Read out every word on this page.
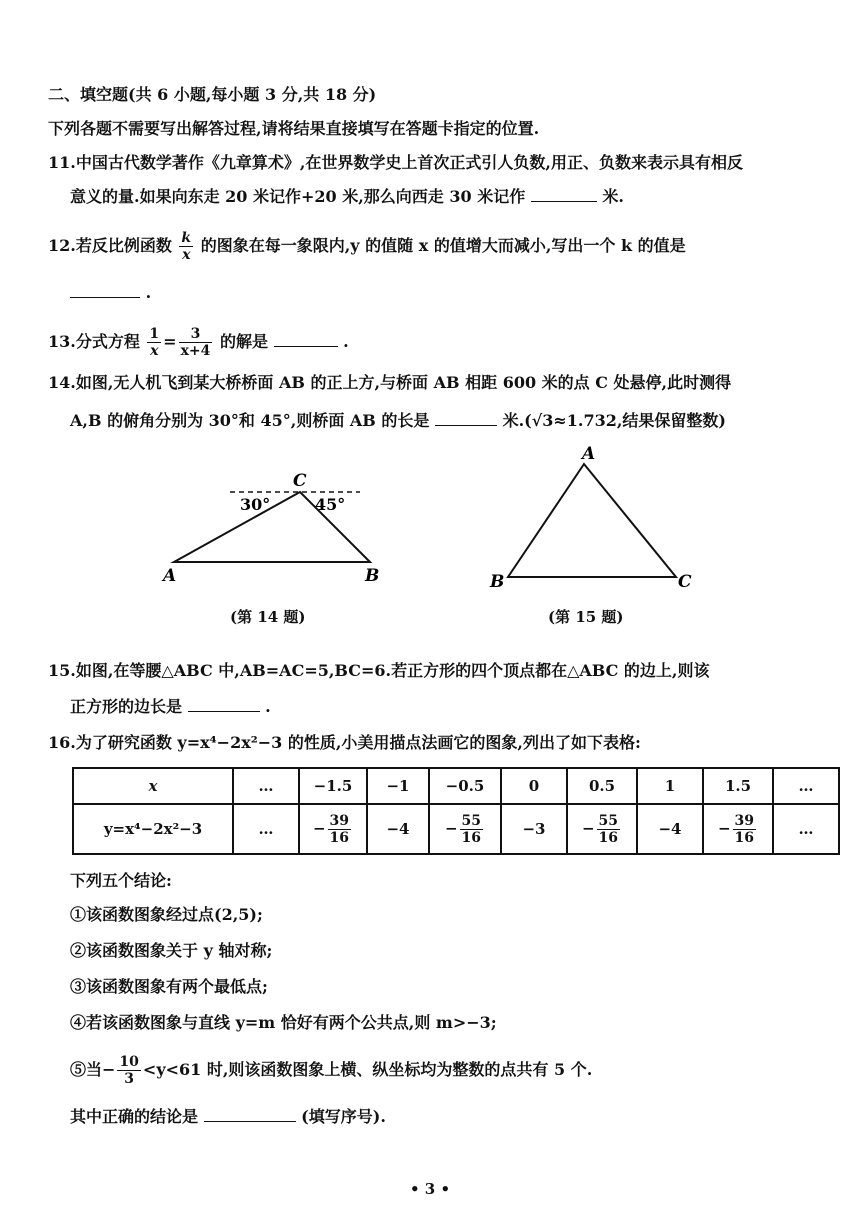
二、填空题(共 6 小题,每小题 3 分,共 18 分)
下列各题不需要写出解答过程,请将结果直接填写在答题卡指定的位置.
11.中国古代数学著作《九章算术》,在世界数学史上首次正式引人负数,用正、负数来表示具有相反
意义的量.如果向东走 20 米记作+20 米,那么向西走 30 米记作	米.
12.若反比例函数 $\frac{k}{x}$ 的图象在每一象限内,y 的值随 x 的值增大而减小,写出一个 k 的值是
.
13.分式方程 $\frac{1}{x} = \frac{3}{x+4}$ 的解是	.
14.如图,无人机飞到某大桥桥面 AB 的正上方,与桥面 AB 相距 600 米的点 C 处悬停,此时测得
A,B 的俯角分别为 30°和 45°,则桥面 AB 的长是	米.(√3≈1.732,结果保留整数)
A	B
C
30°	45°
(第 14 题)
A
B	C
(第 15 题)
15.如图,在等腰△ABC 中,AB=AC=5,BC=6.若正方形的四个顶点都在△ABC 的边上,则该
正方形的边长是	.
16.为了研究函数 y=x⁴−2x²−3 的性质,小美用描点法画它的图象,列出了如下表格:
x	…	−1.5	−1	−0.5	0	0.5	1	1.5	…
y=x⁴−2x²−3	…	− $\frac{39}{16}$	−4	− $\frac{55}{16}$	−3	− $\frac{55}{16}$	−4	− $\frac{39}{16}$	…
下列五个结论:
①该函数图象经过点(2,5);
②该函数图象关于 y 轴对称;
③该函数图象有两个最低点;
④若该函数图象与直线 y=m 恰好有两个公共点,则 m>−3;
⑤当− $\frac{10}{3} <y<61$ 时,则该函数图象上横、纵坐标均为整数的点共有 5 个.
其中正确的结论是	(填写序号).
• 3 •
